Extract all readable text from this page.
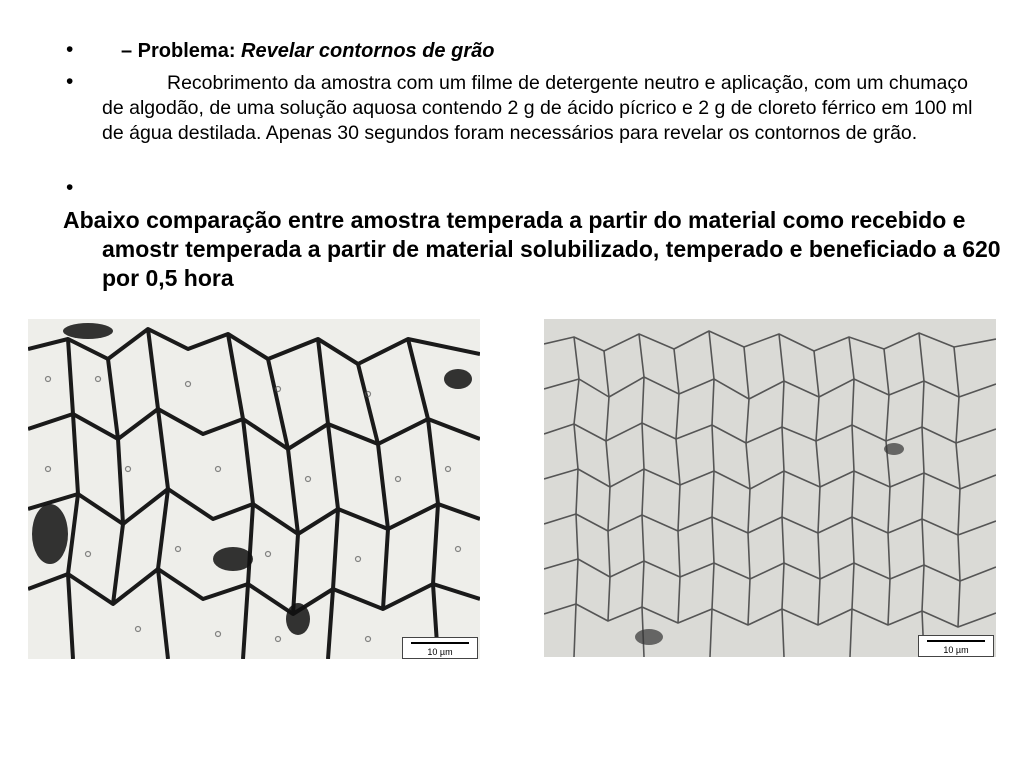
• – Problema: Revelar contornos de grão
•	Recobrimento da amostra com um filme de detergente neutro e aplicação, com um chumaço de algodão, de uma solução aquosa contendo 2 g de ácido pícrico e 2 g de cloreto férrico em 100 ml de água destilada. Apenas 30 segundos foram necessários para revelar os contornos de grão.
•
Abaixo comparação entre amostra temperada a partir do material como recebido e amostr temperada a partir de material solubilizado, temperado e beneficiado a 620 por 0,5 hora
10 µm	10 µm
